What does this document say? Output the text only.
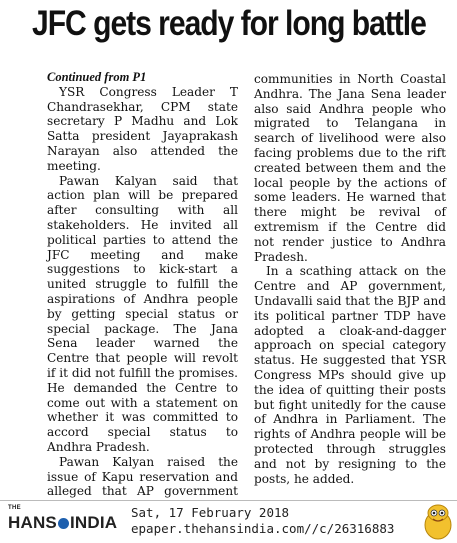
JFC gets ready for long battle

Continued from P1

YSR Congress Leader T Chandrasekhar, CPM state secretary P Madhu and Lok Satta president Jayaprakash Narayan also attended the meeting.

Pawan Kalyan said that action plan will be prepared after consulting with all stakeholders. He invited all political parties to attend the JFC meeting and make suggestions to kick-start a united struggle to fulfill the aspirations of Andhra people by getting special status or special package. The Jana Sena leader warned the Centre that people will revolt if it did not fulfill the promises. He demanded the Centre to come out with a statement on whether it was committed to accord special status to Andhra Pradesh.

Pawan Kalyan raised the issue of Kapu reservation and alleged that AP government

communities in North Coastal Andhra. The Jana Sena leader also said Andhra people who migrated to Telangana in search of livelihood were also facing problems due to the rift created between them and the local people by the actions of some leaders. He warned that there might be revival of extremism if the Centre did not render justice to Andhra Pradesh.

In a scathing attack on the Centre and AP government, Undavalli said that the BJP and its political partner TDP have adopted a cloak-and-dagger approach on special category status. He suggested that YSR Congress MPs should give up the idea of quitting their posts but fight unitedly for the cause of Andhra in Parliament. The rights of Andhra people will be protected through struggles and not by resigning to the posts, he added.

THE
HANS INDIA
Sat, 17 February 2018
epaper.thehansindia.com//c/26316883
